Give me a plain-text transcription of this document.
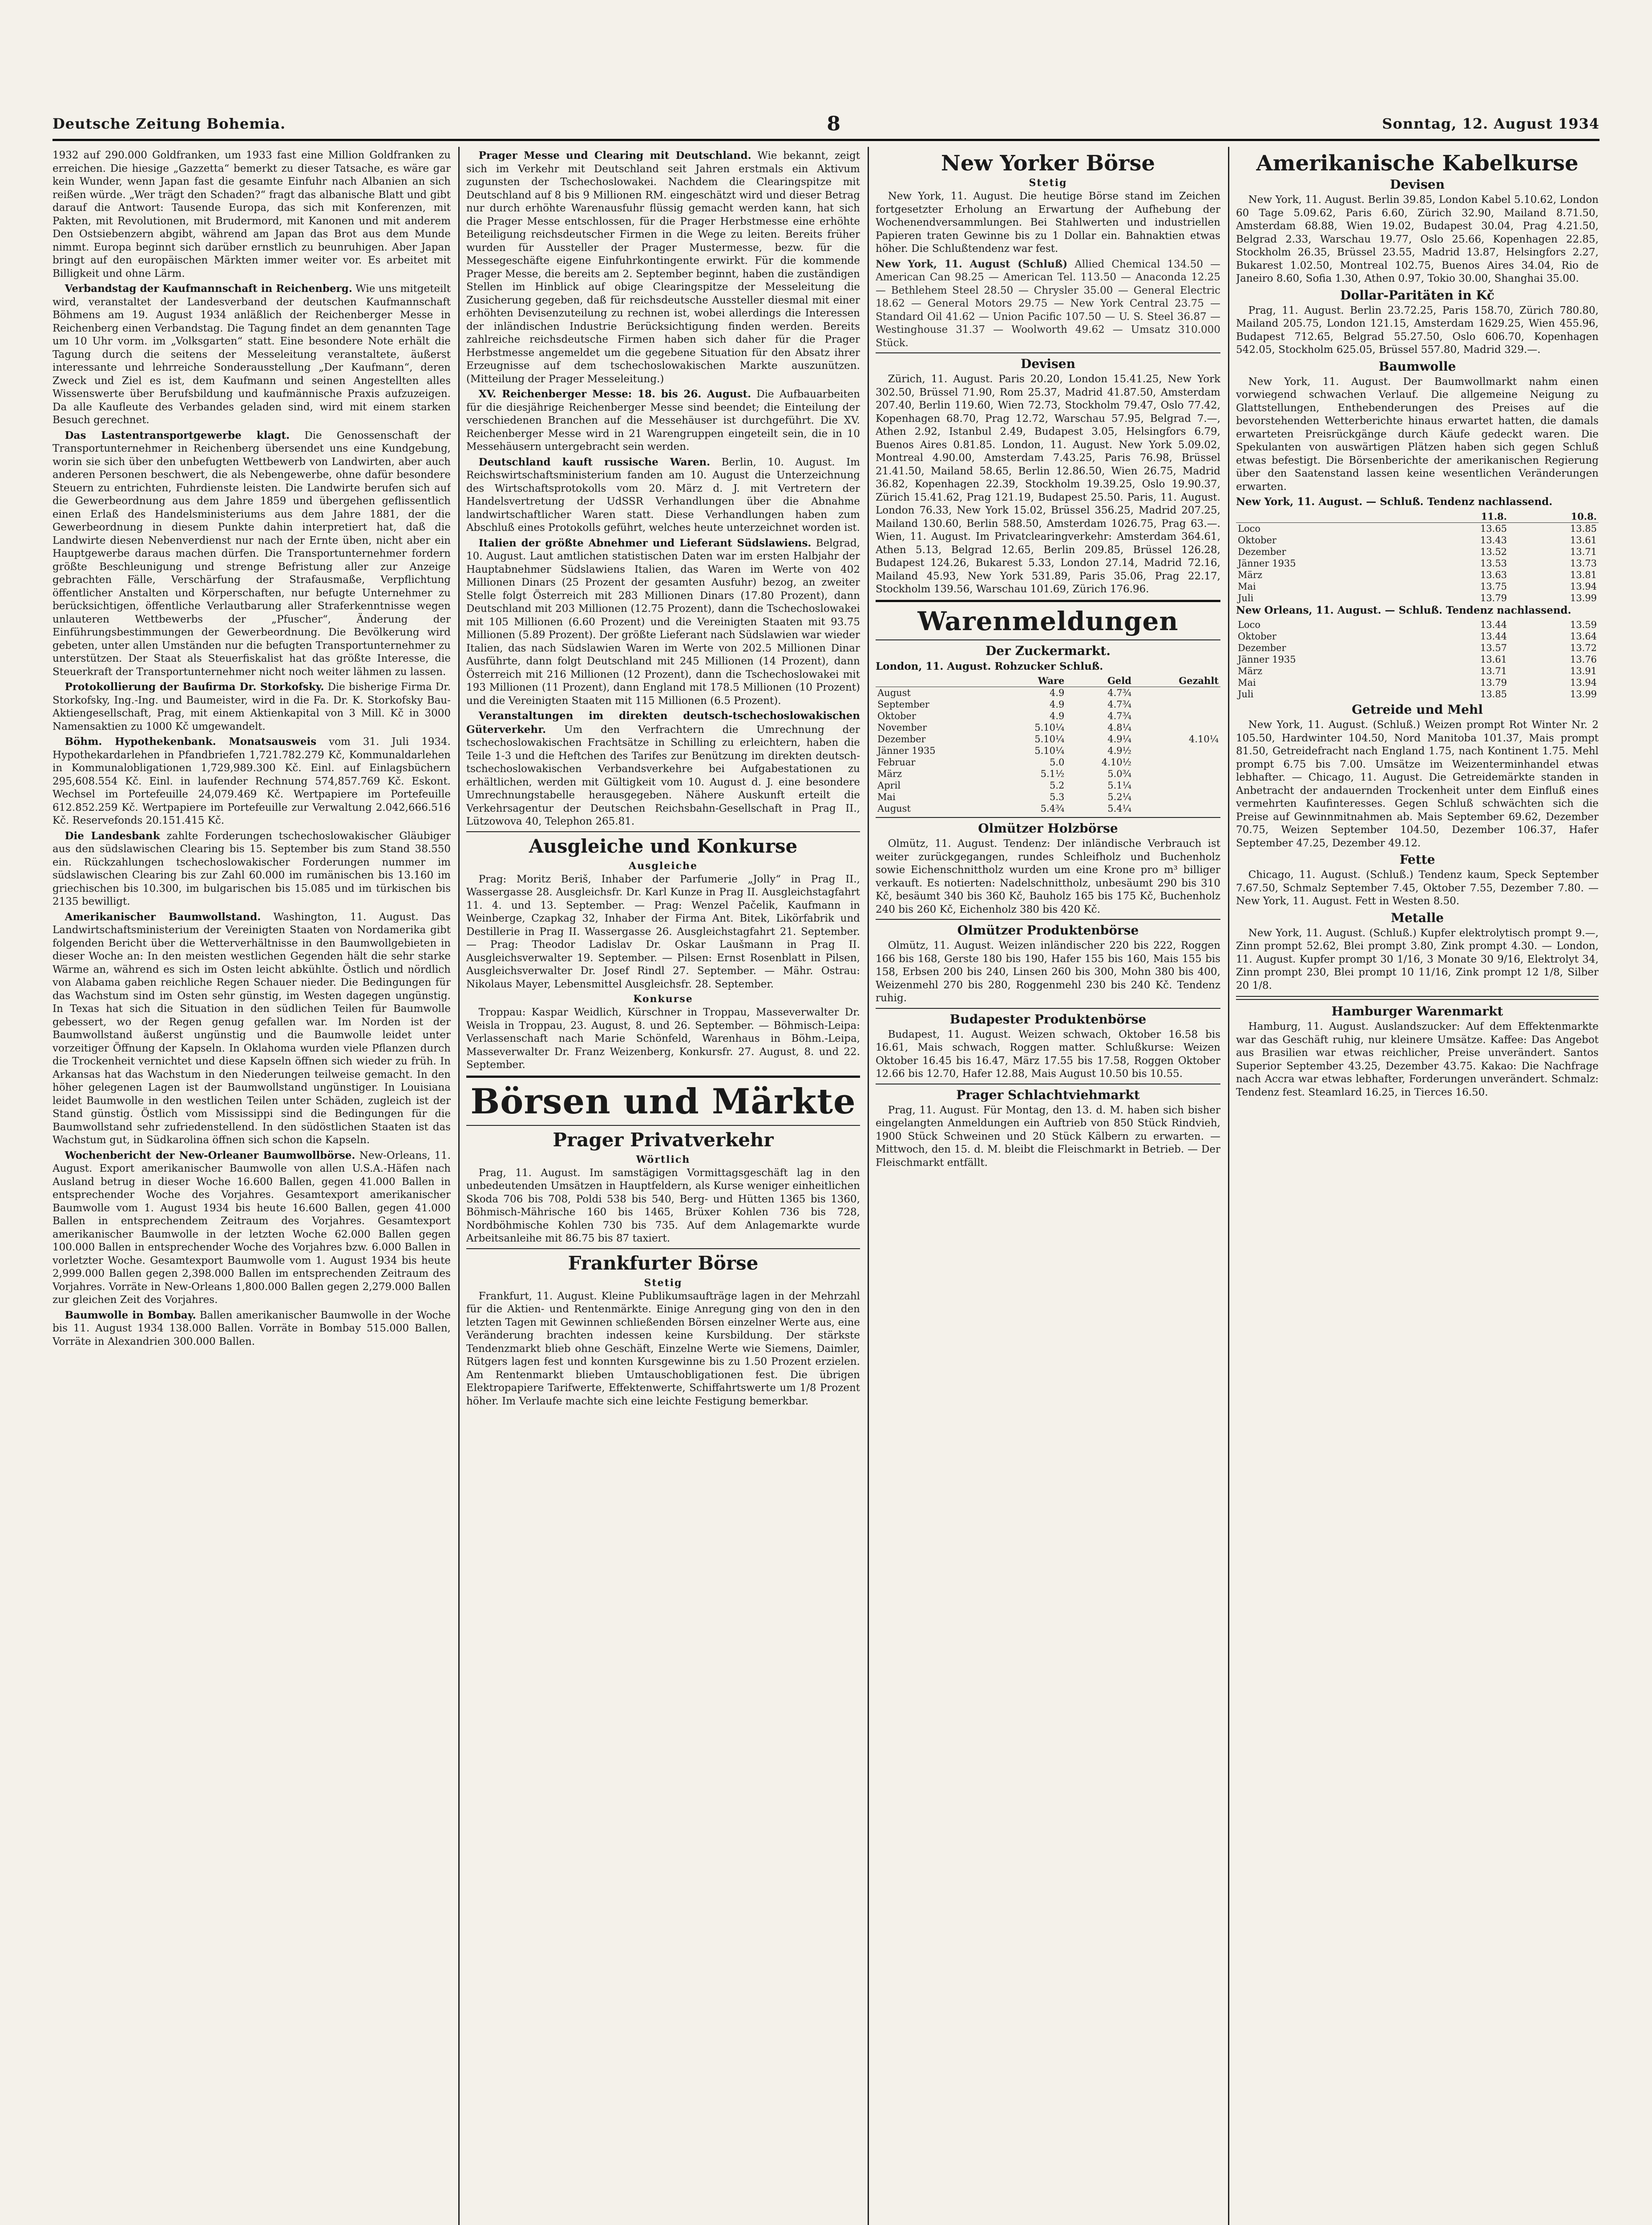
Deutsche Zeitung Bohemia.	8	Sonntag, 12. August 1934

1932 auf 290.000 Goldfranken, um 1933 fast eine Million Goldfranken zu erreichen. Die hiesige „Gazzetta“ bemerkt zu dieser Tatsache, es wäre gar kein Wunder, wenn Japan fast die gesamte Einfuhr nach Albanien an sich reißen würde. „Wer trägt den Schaden?“ fragt das albanische Blatt und gibt darauf die Antwort: Tausende Europa, das sich mit Konferenzen, mit Pakten, mit Revolutionen, mit Brudermord, mit Kanonen und mit anderem Den Ostsiebenzern abgibt, während am Japan das Brot aus dem Munde nimmt. Europa beginnt sich darüber ernstlich zu beunruhigen. Aber Japan bringt auf den europäischen Märkten immer weiter vor. Es arbeitet mit Billigkeit und ohne Lärm.

Verbandstag der Kaufmannschaft in Reichenberg. Wie uns mitgeteilt wird, veranstaltet der Landesverband der deutschen Kaufmannschaft Böhmens am 19. August 1934 anläßlich der Reichenberger Messe in Reichenberg einen Verbandstag. Die Tagung findet an dem genannten Tage um 10 Uhr vorm. im „Volksgarten“ statt. Eine besondere Note erhält die Tagung durch die seitens der Messeleitung veranstaltete, äußerst interessante und lehrreiche Sonderausstellung „Der Kaufmann“, deren Zweck und Ziel es ist, dem Kaufmann und seinen Angestellten alles Wissenswerte über Berufsbildung und kaufmännische Praxis aufzuzeigen. Da alle Kaufleute des Verbandes geladen sind, wird mit einem starken Besuch gerechnet.

Das Lastentransportgewerbe klagt. Die Genossenschaft der Transportunternehmer in Reichenberg übersendet uns eine Kundgebung, worin sie sich über den unbefugten Wettbewerb von Landwirten, aber auch anderen Personen beschwert, die als Nebengewerbe, ohne dafür besondere Steuern zu entrichten, Fuhrdienste leisten. Die Landwirte berufen sich auf die Gewerbeordnung aus dem Jahre 1859 und übergehen geflissentlich einen Erlaß des Handelsministeriums aus dem Jahre 1881, der die Gewerbeordnung in diesem Punkte dahin interpretiert hat, daß die Landwirte diesen Nebenverdienst nur nach der Ernte üben, nicht aber ein Hauptgewerbe daraus machen dürfen. Die Transportunternehmer fordern größte Beschleunigung und strenge Befristung aller zur Anzeige gebrachten Fälle, Verschärfung der Strafausmaße, Verpflichtung öffentlicher Anstalten und Körperschaften, nur befugte Unternehmer zu berücksichtigen, öffentliche Verlautbarung aller Straferkenntnisse wegen unlauteren Wettbewerbs der „Pfuscher“, Änderung der Einführungsbestimmungen der Gewerbeordnung. Die Bevölkerung wird gebeten, unter allen Umständen nur die befugten Transportunternehmer zu unterstützen. Der Staat als Steuerfiskalist hat das größte Interesse, die Steuerkraft der Transportunternehmer nicht noch weiter lähmen zu lassen.

Protokollierung der Baufirma Dr. Storkofsky. Die bisherige Firma Dr. Storkofsky, Ing.-Ing. und Baumeister, wird in die Fa. Dr. K. Storkofsky Bau-Aktiengesellschaft, Prag, mit einem Aktienkapital von 3 Mill. Kč in 3000 Namensaktien zu 1000 Kč umgewandelt.

Böhm. Hypothekenbank. Monatsausweis vom 31. Juli 1934. Hypothekardarlehen in Pfandbriefen 1,721.782.279 Kč, Kommunaldarlehen in Kommunalobligationen 1,729,989.300 Kč. Einl. auf Einlagsbüchern 295,608.554 Kč. Einl. in laufender Rechnung 574,857.769 Kč. Eskont. Wechsel im Portefeuille 24,079.469 Kč. Wertpapiere im Portefeuille 612.852.259 Kč. Wertpapiere im Portefeuille zur Verwaltung 2.042,666.516 Kč. Reservefonds 20.151.415 Kč.

Die Landesbank zahlte Forderungen tschechoslowakischer Gläubiger aus den südslawischen Clearing bis 15. September bis zum Stand 38.550 ein. Rückzahlungen tschechoslowakischer Forderungen nummer im südslawischen Clearing bis zur Zahl 60.000 im rumänischen bis 13.160 im griechischen bis 10.300, im bulgarischen bis 15.085 und im türkischen bis 2135 bewilligt.

Amerikanischer Baumwollstand. Washington, 11. August. Das Landwirtschaftsministerium der Vereinigten Staaten von Nordamerika gibt folgenden Bericht über die Wetterverhältnisse in den Baumwollgebieten in dieser Woche an: In den meisten westlichen Gegenden hält die sehr starke Wärme an, während es sich im Osten leicht abkühlte. Östlich und nördlich von Alabama gaben reichliche Regen Schauer nieder. Die Bedingungen für das Wachstum sind im Osten sehr günstig, im Westen dagegen ungünstig. In Texas hat sich die Situation in den südlichen Teilen für Baumwolle gebessert, wo der Regen genug gefallen war. Im Norden ist der Baumwollstand äußerst ungünstig und die Baumwolle leidet unter vorzeitiger Öffnung der Kapseln. In Oklahoma wurden viele Pflanzen durch die Trockenheit vernichtet und diese Kapseln öffnen sich wieder zu früh. In Arkansas hat das Wachstum in den Niederungen teilweise gemacht. In den höher gelegenen Lagen ist der Baumwollstand ungünstiger. In Louisiana leidet Baumwolle in den westlichen Teilen unter Schäden, zugleich ist der Stand günstig. Östlich vom Mississippi sind die Bedingungen für die Baumwollstand sehr zufriedenstellend. In den südöstlichen Staaten ist das Wachstum gut, in Südkarolina öffnen sich schon die Kapseln.

Wochenbericht der New-Orleaner Baumwollbörse. New-Orleans, 11. August. Export amerikanischer Baumwolle von allen U.S.A.-Häfen nach Ausland betrug in dieser Woche 16.600 Ballen, gegen 41.000 Ballen in entsprechender Woche des Vorjahres. Gesamtexport amerikanischer Baumwolle vom 1. August 1934 bis heute 16.600 Ballen, gegen 41.000 Ballen in entsprechendem Zeitraum des Vorjahres. Gesamtexport amerikanischer Baumwolle in der letzten Woche 62.000 Ballen gegen 100.000 Ballen in entsprechender Woche des Vorjahres bzw. 6.000 Ballen in vorletzter Woche. Gesamtexport Baumwolle vom 1. August 1934 bis heute 2,999.000 Ballen gegen 2,398.000 Ballen im entsprechenden Zeitraum des Vorjahres. Vorräte in New-Orleans 1,800.000 Ballen gegen 2,279.000 Ballen zur gleichen Zeit des Vorjahres.

Baumwolle in Bombay. Ballen amerikanischer Baumwolle in der Woche bis 11. August 1934 138.000 Ballen. Vorräte in Bombay 515.000 Ballen, Vorräte in Alexandrien 300.000 Ballen.

Prager Messe und Clearing mit Deutschland. Wie bekannt, zeigt sich im Verkehr mit Deutschland seit Jahren erstmals ein Aktivum zugunsten der Tschechoslowakei. Nachdem die Clearingspitze mit Deutschland auf 8 bis 9 Millionen RM. eingeschätzt wird und dieser Betrag nur durch erhöhte Warenausfuhr flüssig gemacht werden kann, hat sich die Prager Messe entschlossen, für die Prager Herbstmesse eine erhöhte Beteiligung reichsdeutscher Firmen in die Wege zu leiten. Bereits früher wurden für Aussteller der Prager Mustermesse, bezw. für die Messegeschäfte eigene Einfuhrkontingente erwirkt. Für die kommende Prager Messe, die bereits am 2. September beginnt, haben die zuständigen Stellen im Hinblick auf obige Clearingspitze der Messeleitung die Zusicherung gegeben, daß für reichsdeutsche Aussteller diesmal mit einer erhöhten Devisenzuteilung zu rechnen ist, wobei allerdings die Interessen der inländischen Industrie Berücksichtigung finden werden. Bereits zahlreiche reichsdeutsche Firmen haben sich daher für die Prager Herbstmesse angemeldet um die gegebene Situation für den Absatz ihrer Erzeugnisse auf dem tschechoslowakischen Markte auszunützen. (Mitteilung der Prager Messeleitung.)

XV. Reichenberger Messe: 18. bis 26. August. Die Aufbauarbeiten für die diesjährige Reichenberger Messe sind beendet; die Einteilung der verschiedenen Branchen auf die Messehäuser ist durchgeführt. Die XV. Reichenberger Messe wird in 21 Warengruppen eingeteilt sein, die in 10 Messehäusern untergebracht sein werden.

Deutschland kauft russische Waren. Berlin, 10. August. Im Reichswirtschaftsministerium fanden am 10. August die Unterzeichnung des Wirtschaftsprotokolls vom 20. März d. J. mit Vertretern der Handelsvertretung der UdSSR Verhandlungen über die Abnahme landwirtschaftlicher Waren statt. Diese Verhandlungen haben zum Abschluß eines Protokolls geführt, welches heute unterzeichnet worden ist.

Italien der größte Abnehmer und Lieferant Südslawiens. Belgrad, 10. August. Laut amtlichen statistischen Daten war im ersten Halbjahr der Hauptabnehmer Südslawiens Italien, das Waren im Werte von 402 Millionen Dinars (25 Prozent der gesamten Ausfuhr) bezog, an zweiter Stelle folgt Österreich mit 283 Millionen Dinars (17.80 Prozent), dann Deutschland mit 203 Millionen (12.75 Prozent), dann die Tschechoslowakei mit 105 Millionen (6.60 Prozent) und die Vereinigten Staaten mit 93.75 Millionen (5.89 Prozent). Der größte Lieferant nach Südslawien war wieder Italien, das nach Südslawien Waren im Werte von 202.5 Millionen Dinar Ausführte, dann folgt Deutschland mit 245 Millionen (14 Prozent), dann Österreich mit 216 Millionen (12 Prozent), dann die Tschechoslowakei mit 193 Millionen (11 Prozent), dann England mit 178.5 Millionen (10 Prozent) und die Vereinigten Staaten mit 115 Millionen (6.5 Prozent).

Veranstaltungen im direkten deutsch-tschechoslowakischen Güterverkehr. Um den Verfrachtern die Umrechnung der tschechoslowakischen Frachtsätze in Schilling zu erleichtern, haben die Teile 1-3 und die Heftchen des Tarifes zur Benützung im direkten deutsch-tschechoslowakischen Verbandsverkehre bei Aufgabestationen zu erhältlichen, werden mit Gültigkeit vom 10. August d. J. eine besondere Umrechnungstabelle herausgegeben. Nähere Auskunft erteilt die Verkehrsagentur der Deutschen Reichsbahn-Gesellschaft in Prag II., Lützowova 40, Telephon 265.81.

Ausgleiche und Konkurse
Ausgleiche

Prag: Moritz Beriš, Inhaber der Parfumerie „Jolly“ in Prag II., Wassergasse 28. Ausgleichsfr. Dr. Karl Kunze in Prag II. Ausgleichstagfahrt 11. 4. und 13. September. — Prag: Wenzel Pačelik, Kaufmann in Weinberge, Czapkag 32, Inhaber der Firma Ant. Bitek, Likörfabrik und Destillerie in Prag II. Wassergasse 26. Ausgleichstagfahrt 21. September. — Prag: Theodor Ladislav Dr. Oskar Laušmann in Prag II. Ausgleichsverwalter 19. September. — Pilsen: Ernst Rosenblatt in Pilsen, Ausgleichsverwalter Dr. Josef Rindl 27. September. — Mähr. Ostrau: Nikolaus Mayer, Lebensmittel Ausgleichsfr. 28. September.

Konkurse

Troppau: Kaspar Weidlich, Kürschner in Troppau, Masseverwalter Dr. Weisla in Troppau, 23. August, 8. und 26. September. — Böhmisch-Leipa: Verlassenschaft nach Marie Schönfeld, Warenhaus in Böhm.-Leipa, Masseverwalter Dr. Franz Weizenberg, Konkursfr. 27. August, 8. und 22. September.

Börsen und Märkte
Prager Privatverkehr
Wörtlich

Prag, 11. August. Im samstägigen Vormittagsgeschäft lag in den unbedeutenden Umsätzen in Hauptfeldern, als Kurse weniger einheitlichen Skoda 706 bis 708, Poldi 538 bis 540, Berg- und Hütten 1365 bis 1360, Böhmisch-Mährische 160 bis 1465, Brüxer Kohlen 736 bis 728, Nordböhmische Kohlen 730 bis 735. Auf dem Anlagemarkte wurde Arbeitsanleihe mit 86.75 bis 87 taxiert.

Frankfurter Börse
Stetig

Frankfurt, 11. August. Kleine Publikumsaufträge lagen in der Mehrzahl für die Aktien- und Rentenmärkte. Einige Anregung ging von den in den letzten Tagen mit Gewinnen schließenden Börsen einzelner Werte aus, eine Veränderung brachten indessen keine Kursbildung. Der stärkste Tendenzmarkt blieb ohne Geschäft, Einzelne Werte wie Siemens, Daimler, Rütgers lagen fest und konnten Kursgewinne bis zu 1.50 Prozent erzielen. Am Rentenmarkt blieben Umtauschobligationen fest. Die übrigen Elektropapiere Tarifwerte, Effektenwerte, Schiffahrtswerte um 1/8 Prozent höher. Im Verlaufe machte sich eine leichte Festigung bemerkbar.

New Yorker Börse
Stetig

New York, 11. August. Die heutige Börse stand im Zeichen fortgesetzter Erholung an Erwartung der Aufhebung der Wochenendversammlungen. Bei Stahlwerten und industriellen Papieren traten Gewinne bis zu 1 Dollar ein. Bahnaktien etwas höher. Die Schlußtendenz war fest.

New York, 11. August (Schluß) Allied Chemical 134.50 — American Can 98.25 — American Tel. 113.50 — Anaconda 12.25 — Bethlehem Steel 28.50 — Chrysler 35.00 — General Electric 18.62 — General Motors 29.75 — New York Central 23.75 — Standard Oil 41.62 — Union Pacific 107.50 — U. S. Steel 36.87 — Westinghouse 31.37 — Woolworth 49.62 — Umsatz 310.000 Stück.

Devisen

Zürich, 11. August. Paris 20.20, London 15.41.25, New York 302.50, Brüssel 71.90, Rom 25.37, Madrid 41.87.50, Amsterdam 207.40, Berlin 119.60, Wien 72.73, Stockholm 79.47, Oslo 77.42, Kopenhagen 68.70, Prag 12.72, Warschau 57.95, Belgrad 7.—, Athen 2.92, Istanbul 2.49, Budapest 3.05, Helsingfors 6.79, Buenos Aires 0.81.85. London, 11. August. New York 5.09.02, Montreal 4.90.00, Amsterdam 7.43.25, Paris 76.98, Brüssel 21.41.50, Mailand 58.65, Berlin 12.86.50, Wien 26.75, Madrid 36.82, Kopenhagen 22.39, Stockholm 19.39.25, Oslo 19.90.37, Zürich 15.41.62, Prag 121.19, Budapest 25.50. Paris, 11. August. London 76.33, New York 15.02, Brüssel 356.25, Madrid 207.25, Mailand 130.60, Berlin 588.50, Amsterdam 1026.75, Prag 63.—. Wien, 11. August. Im Privatclearingverkehr: Amsterdam 364.61, Athen 5.13, Belgrad 12.65, Berlin 209.85, Brüssel 126.28, Budapest 124.26, Bukarest 5.33, London 27.14, Madrid 72.16, Mailand 45.93, New York 531.89, Paris 35.06, Prag 22.17, Stockholm 139.56, Warschau 101.69, Zürich 176.96.

Warenmeldungen
Der Zuckermarkt.

London, 11. August. Rohzucker Schluß.

	Ware	Geld	Gezahlt
August	4.9	4.7¾	
September	4.9	4.7¾	
Oktober	4.9	4.7¾	
November	5.10¼	4.8¼	
Dezember	5.10¼	4.9¼	4.10¼
Jänner 1935	5.10¼	4.9½	
Februar	5.0	4.10½	
März	5.1½	5.0¾	
April	5.2	5.1¼	
Mai	5.3	5.2¼	
August	5.4¾	5.4¼	
Olmützer Holzbörse

Olmütz, 11. August. Tendenz: Der inländische Verbrauch ist weiter zurückgegangen, rundes Schleifholz und Buchenholz sowie Eichenschnittholz wurden um eine Krone pro m³ billiger verkauft. Es notierten: Nadelschnittholz, unbesäumt 290 bis 310 Kč, besäumt 340 bis 360 Kč, Bauholz 165 bis 175 Kč, Buchenholz 240 bis 260 Kč, Eichenholz 380 bis 420 Kč.

Olmützer Produktenbörse

Olmütz, 11. August. Weizen inländischer 220 bis 222, Roggen 166 bis 168, Gerste 180 bis 190, Hafer 155 bis 160, Mais 155 bis 158, Erbsen 200 bis 240, Linsen 260 bis 300, Mohn 380 bis 400, Weizenmehl 270 bis 280, Roggenmehl 230 bis 240 Kč. Tendenz ruhig.

Budapester Produktenbörse

Budapest, 11. August. Weizen schwach, Oktober 16.58 bis 16.61, Mais schwach, Roggen matter. Schlußkurse: Weizen Oktober 16.45 bis 16.47, März 17.55 bis 17.58, Roggen Oktober 12.66 bis 12.70, Hafer 12.88, Mais August 10.50 bis 10.55.

Prager Schlachtviehmarkt

Prag, 11. August. Für Montag, den 13. d. M. haben sich bisher eingelangten Anmeldungen ein Auftrieb von 850 Stück Rindvieh, 1900 Stück Schweinen und 20 Stück Kälbern zu erwarten. — Mittwoch, den 15. d. M. bleibt die Fleischmarkt in Betrieb. — Der Fleischmarkt entfällt.

Amerikanische Kabelkurse
Devisen

New York, 11. August. Berlin 39.85, London Kabel 5.10.62, London 60 Tage 5.09.62, Paris 6.60, Zürich 32.90, Mailand 8.71.50, Amsterdam 68.88, Wien 19.02, Budapest 30.04, Prag 4.21.50, Belgrad 2.33, Warschau 19.77, Oslo 25.66, Kopenhagen 22.85, Stockholm 26.35, Brüssel 23.55, Madrid 13.87, Helsingfors 2.27, Bukarest 1.02.50, Montreal 102.75, Buenos Aires 34.04, Rio de Janeiro 8.60, Sofia 1.30, Athen 0.97, Tokio 30.00, Shanghai 35.00.

Dollar-Paritäten in Kč

Prag, 11. August. Berlin 23.72.25, Paris 158.70, Zürich 780.80, Mailand 205.75, London 121.15, Amsterdam 1629.25, Wien 455.96, Budapest 712.65, Belgrad 55.27.50, Oslo 606.70, Kopenhagen 542.05, Stockholm 625.05, Brüssel 557.80, Madrid 329.—.

Baumwolle

New York, 11. August. Der Baumwollmarkt nahm einen vorwiegend schwachen Verlauf. Die allgemeine Neigung zu Glattstellungen, Enthebenderungen des Preises auf die bevorstehenden Wetterberichte hinaus erwartet hatten, die damals erwarteten Preisrückgänge durch Käufe gedeckt waren. Die Spekulanten von auswärtigen Plätzen haben sich gegen Schluß etwas befestigt. Die Börsenberichte der amerikanischen Regierung über den Saatenstand lassen keine wesentlichen Veränderungen erwarten.

New York, 11. August. — Schluß. Tendenz nachlassend.

	11.8.	10.8.
Loco	13.65	13.85
Oktober	13.43	13.61
Dezember	13.52	13.71
Jänner 1935	13.53	13.73
März	13.63	13.81
Mai	13.75	13.94
Juli	13.79	13.99

New Orleans, 11. August. — Schluß. Tendenz nachlassend.

Loco	13.44	13.59
Oktober	13.44	13.64
Dezember	13.57	13.72
Jänner 1935	13.61	13.76
März	13.71	13.91
Mai	13.79	13.94
Juli	13.85	13.99
Getreide und Mehl

New York, 11. August. (Schluß.) Weizen prompt Rot Winter Nr. 2 105.50, Hardwinter 104.50, Nord Manitoba 101.37, Mais prompt 81.50, Getreidefracht nach England 1.75, nach Kontinent 1.75. Mehl prompt 6.75 bis 7.00. Umsätze im Weizenterminhandel etwas lebhafter. — Chicago, 11. August. Die Getreidemärkte standen in Anbetracht der andauernden Trockenheit unter dem Einfluß eines vermehrten Kaufinteresses. Gegen Schluß schwächten sich die Preise auf Gewinnmitnahmen ab. Mais September 69.62, Dezember 70.75, Weizen September 104.50, Dezember 106.37, Hafer September 47.25, Dezember 49.12.

Fette

Chicago, 11. August. (Schluß.) Tendenz kaum, Speck September 7.67.50, Schmalz September 7.45, Oktober 7.55, Dezember 7.80. — New York, 11. August. Fett in Westen 8.50.

Metalle

New York, 11. August. (Schluß.) Kupfer elektrolytisch prompt 9.—, Zinn prompt 52.62, Blei prompt 3.80, Zink prompt 4.30. — London, 11. August. Kupfer prompt 30 1/16, 3 Monate 30 9/16, Elektrolyt 34, Zinn prompt 230, Blei prompt 10 11/16, Zink prompt 12 1/8, Silber 20 1/8.

Hamburger Warenmarkt

Hamburg, 11. August. Auslandszucker: Auf dem Effektenmarkte war das Geschäft ruhig, nur kleinere Umsätze. Kaffee: Das Angebot aus Brasilien war etwas reichlicher, Preise unverändert. Santos Superior September 43.25, Dezember 43.75. Kakao: Die Nachfrage nach Accra war etwas lebhafter, Forderungen unverändert. Schmalz: Tendenz fest. Steamlard 16.25, in Tierces 16.50.
